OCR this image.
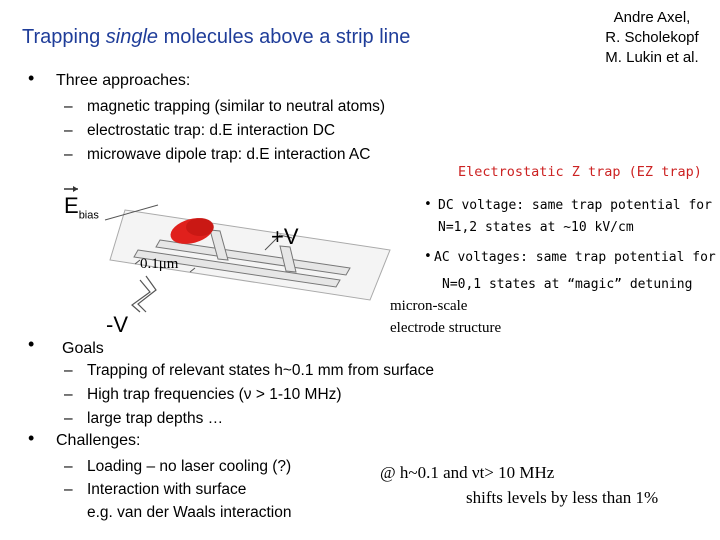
Trapping single molecules above a strip line
Andre Axel,
R. Scholekopf
M. Lukin et al.
• Three approaches:
– magnetic trapping (similar to neutral atoms)
– electrostatic trap: d.E interaction DC
– microwave dipole trap: d.E interaction AC
Electrostatic Z trap (EZ trap)
• DC voltage: same trap potential for
N=1,2 states at ~10 kV/cm
• AC voltages: same trap potential for
N=0,1 states at “magic” detuning
$E_{bias}$
+V
-V
0.1μm
micron-scale
electrode structure
• Goals
– Trapping of relevant states h~0.1 mm from surface
– High trap frequencies (ν > 1-10 MHz)
– large trap depths …
• Challenges:
– Loading – no laser cooling (?)
– Interaction with surface
e.g. van der Waals interaction
@ h~0.1 and νt> 10 MHz
shifts levels by less than 1%
